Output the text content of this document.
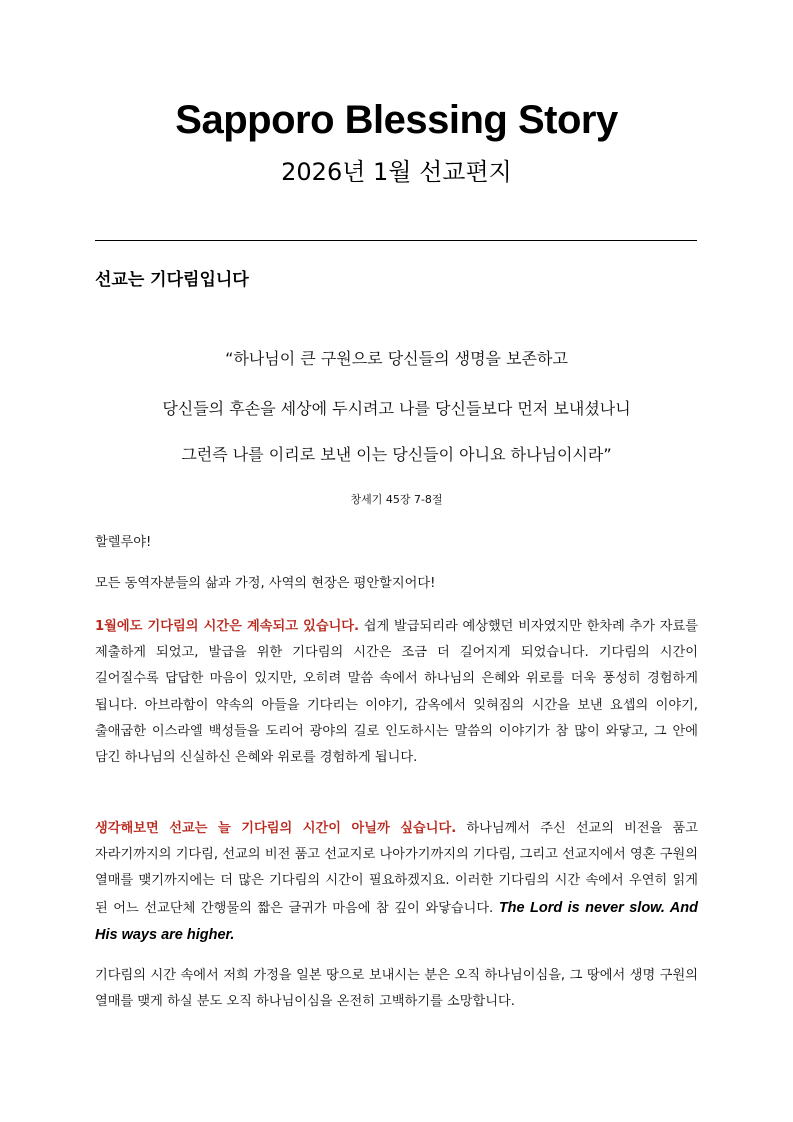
Sapporo Blessing Story

2026년 1월 선교편지

선교는 기다림입니다

“하나님이 큰 구원으로 당신들의 생명을 보존하고

당신들의 후손을 세상에 두시려고 나를 당신들보다 먼저 보내셨나니

그런즉 나를 이리로 보낸 이는 당신들이 아니요 하나님이시라”

창세기 45장 7-8절

할렐루야!

모든 동역자분들의 삶과 가정, 사역의 현장은 평안할지어다!

1월에도 기다림의 시간은 계속되고 있습니다. 쉽게 발급되리라 예상했던 비자였지만 한차례 추가 자료를 제출하게 되었고, 발급을 위한 기다림의 시간은 조금 더 길어지게 되었습니다. 기다림의 시간이 길어질수록 답답한 마음이 있지만, 오히려 말씀 속에서 하나님의 은혜와 위로를 더욱 풍성히 경험하게 됩니다. 아브라함이 약속의 아들을 기다리는 이야기, 감옥에서 잊혀짐의 시간을 보낸 요셉의 이야기, 출애굽한 이스라엘 백성들을 도리어 광야의 길로 인도하시는 말씀의 이야기가 참 많이 와닿고, 그 안에 담긴 하나님의 신실하신 은혜와 위로를 경험하게 됩니다.

생각해보면 선교는 늘 기다림의 시간이 아닐까 싶습니다. 하나님께서 주신 선교의 비전을 품고 자라기까지의 기다림, 선교의 비전 품고 선교지로 나아가기까지의 기다림, 그리고 선교지에서 영혼 구원의 열매를 맺기까지에는 더 많은 기다림의 시간이 필요하겠지요. 이러한 기다림의 시간 속에서 우연히 읽게 된 어느 선교단체 간행물의 짧은 글귀가 마음에 참 깊이 와닿습니다. The Lord is never slow. And His ways are higher.

기다림의 시간 속에서 저희 가정을 일본 땅으로 보내시는 분은 오직 하나님이심을, 그 땅에서 생명 구원의 열매를 맺게 하실 분도 오직 하나님이심을 온전히 고백하기를 소망합니다.
